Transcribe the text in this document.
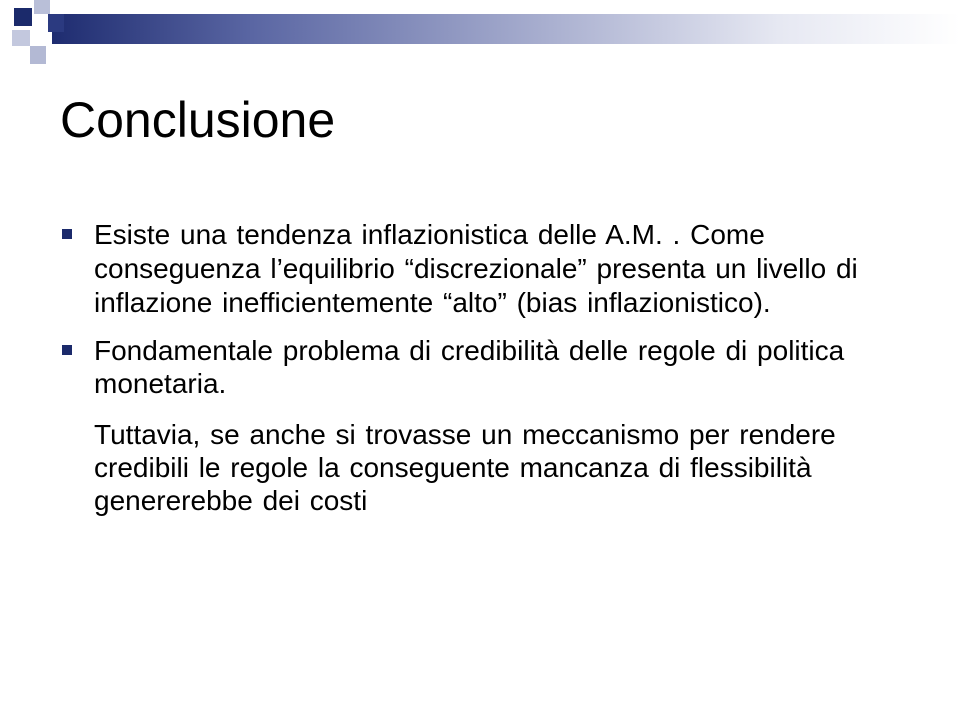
Conclusione
Esiste una tendenza inflazionistica delle A.M. . Come conseguenza l’equilibrio “discrezionale” presenta un livello di inflazione inefficientemente “alto” (bias inflazionistico).
Fondamentale problema di credibilità delle regole di politica monetaria.
Tuttavia, se anche si trovasse un meccanismo per rendere credibili le regole la conseguente mancanza di flessibilità genererebbe dei costi
